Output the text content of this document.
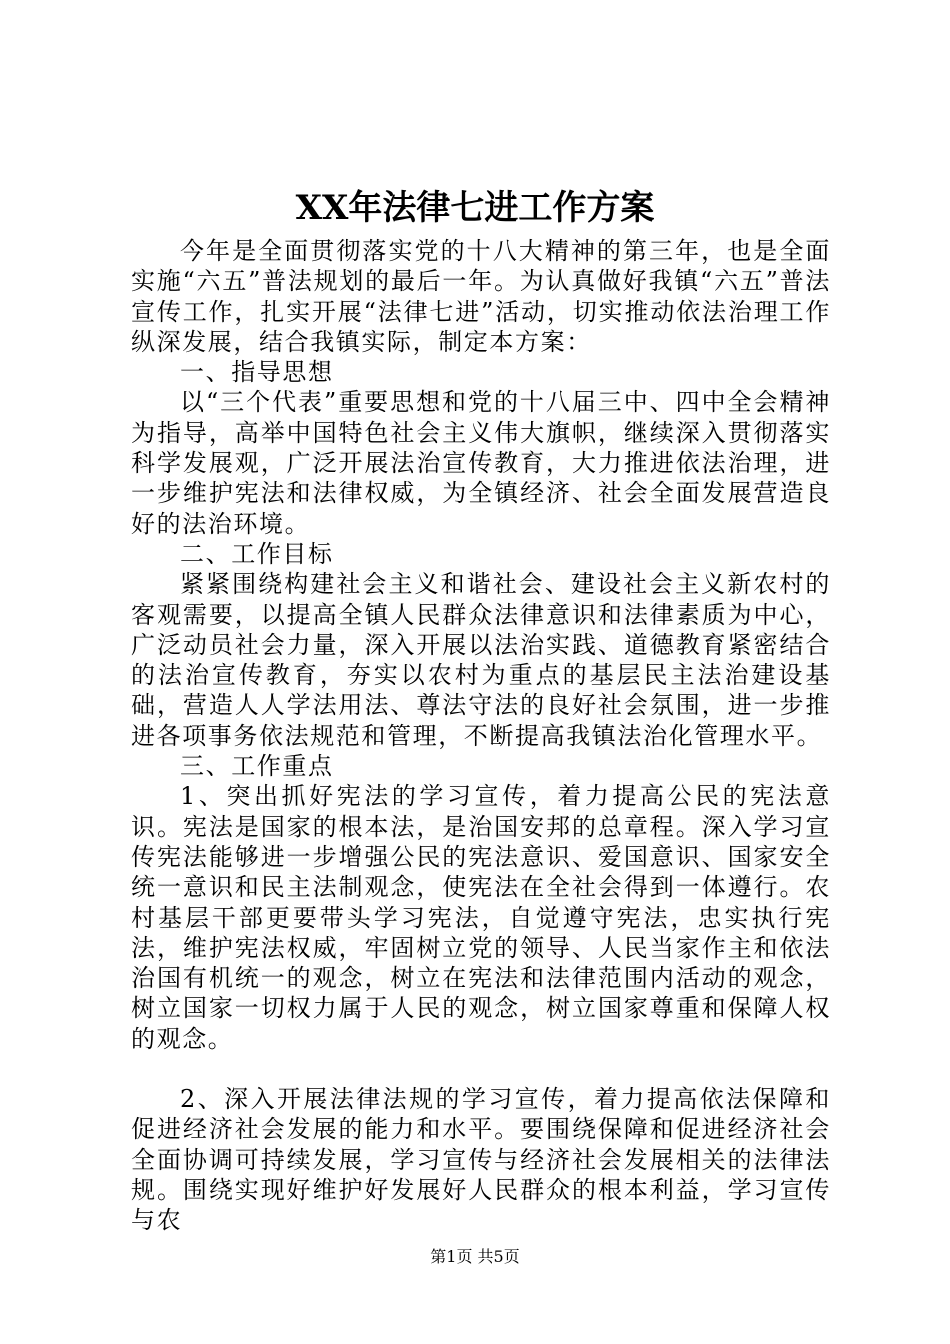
XX年法律七进工作方案

今年是全面贯彻落实党的十八大精神的第三年，也是全面实施“六五”普法规划的最后一年。为认真做好我镇“六五”普法宣传工作，扎实开展“法律七进”活动，切实推动依法治理工作纵深发展，结合我镇实际，制定本方案：

一、指导思想

以“三个代表”重要思想和党的十八届三中、四中全会精神为指导，高举中国特色社会主义伟大旗帜，继续深入贯彻落实科学发展观，广泛开展法治宣传教育，大力推进依法治理，进一步维护宪法和法律权威，为全镇经济、社会全面发展营造良好的法治环境。

二、工作目标

紧紧围绕构建社会主义和谐社会、建设社会主义新农村的客观需要，以提高全镇人民群众法律意识和法律素质为中心，广泛动员社会力量，深入开展以法治实践、道德教育紧密结合的法治宣传教育，夯实以农村为重点的基层民主法治建设基础，营造人人学法用法、尊法守法的良好社会氛围，进一步推进各项事务依法规范和管理，不断提高我镇法治化管理水平。

三、工作重点

1、突出抓好宪法的学习宣传，着力提高公民的宪法意识。宪法是国家的根本法，是治国安邦的总章程。深入学习宣传宪法能够进一步增强公民的宪法意识、爱国意识、国家安全统一意识和民主法制观念，使宪法在全社会得到一体遵行。农村基层干部更要带头学习宪法，自觉遵守宪法，忠实执行宪法，维护宪法权威，牢固树立党的领导、人民当家作主和依法治国有机统一的观念，树立在宪法和法律范围内活动的观念，树立国家一切权力属于人民的观念，树立国家尊重和保障人权的观念。

2、深入开展法律法规的学习宣传，着力提高依法保障和促进经济社会发展的能力和水平。要围绕保障和促进经济社会全面协调可持续发展，学习宣传与经济社会发展相关的法律法规。围绕实现好维护好发展好人民群众的根本利益，学习宣传与农

第1页 共5页
